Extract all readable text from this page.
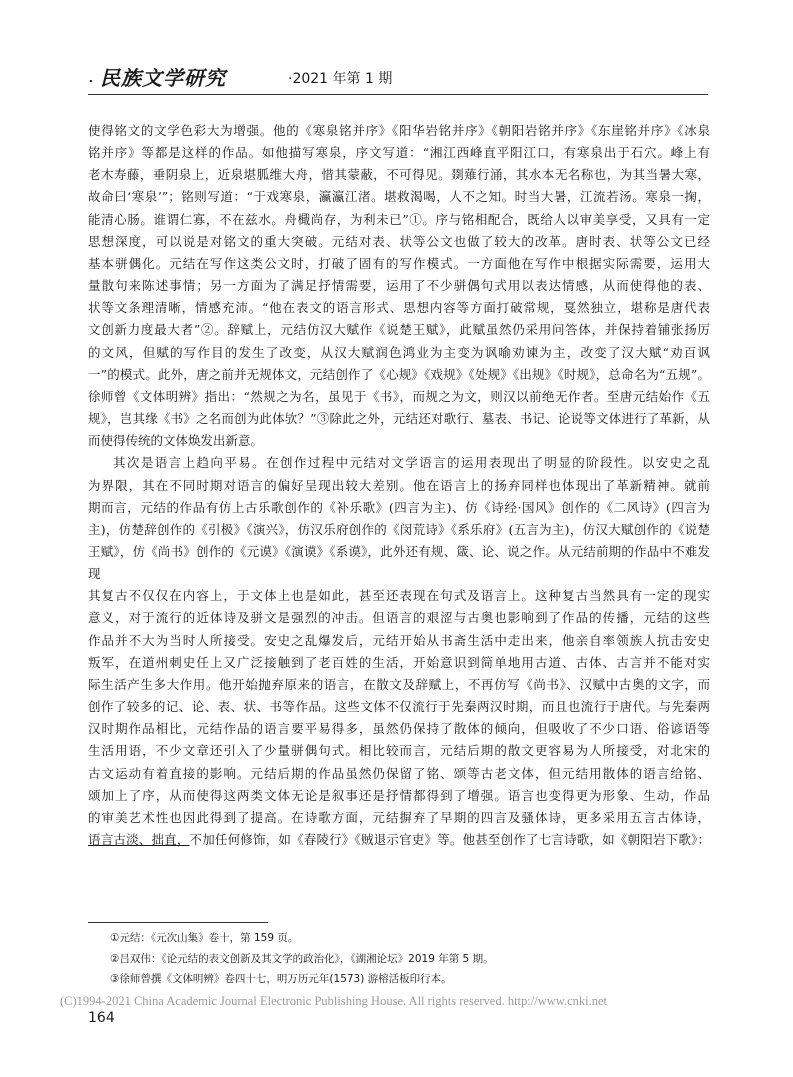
. 民族文学研究	·2021 年第 1 期

使得铭文的文学色彩大为增强。他的《寒泉铭并序》《阳华岩铭并序》《朝阳岩铭并序》《东崖铭并序》《冰泉

铭并序》等都是这样的作品。如他描写寒泉，序文写道：“湘江西峰直平阳江口，有寒泉出于石穴。峰上有

老木寿藤，垂阴泉上，近泉堪胍维大舟，惜其蒙蔽，不可得见。剟薙行涌，其水本无名称也，为其当暑大寒，

故命曰‘寒泉’”；铭则写道：“于戏寒泉，瀛瀛江渚。堪救渴喝，人不之知。时当大暑，江流若汤。寒泉一掬，

能清心肠。谁谓仁寡，不在兹水。舟檝尚存，为利未已”①。序与铭相配合，既给人以审美享受，又具有一定

思想深度，可以说是对铭文的重大突破。元结对表、状等公文也做了较大的改革。唐时表、状等公文已经

基本骈偶化。元结在写作这类公文时，打破了固有的写作模式。一方面他在写作中根据实际需要，运用大

量散句来陈述事情；另一方面为了满足抒情需要，运用了不少骈偶句式用以表达情感，从而使得他的表、

状等文条理清晰，情感充沛。“他在表文的语言形式、思想内容等方面打破常规，戛然独立，堪称是唐代表

文创新力度最大者”②。辞赋上，元结仿汉大赋作《说楚王赋》，此赋虽然仍采用问答体，并保持着铺张扬厉

的文风，但赋的写作目的发生了改变，从汉大赋润色鸿业为主变为讽喻劝谏为主，改变了汉大赋“劝百讽

一”的模式。此外，唐之前并无规体文，元结创作了《心规》《戏规》《处规》《出规》《时规》，总命名为“五规”。

徐师曾《文体明辨》指出：“然规之为名，虽见于《书》，而规之为文，则汉以前绝无作者。至唐元结始作《五

规》，岂其缘《书》之名而创为此体欤？”③除此之外，元结还对歌行、墓表、书记、论说等文体进行了革新，从

而使得传统的文体焕发出新意。

其次是语言上趋向平易。在创作过程中元结对文学语言的运用表现出了明显的阶段性。以安史之乱

为界限，其在不同时期对语言的偏好呈现出较大差别。他在语言上的扬弃同样也体现出了革新精神。就前

期而言，元结的作品有仿上古乐歌创作的《补乐歌》(四言为主)、仿《诗经·国风》创作的《二风诗》(四言为

主)，仿楚辞创作的《引极》《演兴》，仿汉乐府创作的《闵荒诗》《系乐府》(五言为主)，仿汉大赋创作的《说楚

王赋》，仿《尚书》创作的《元谟》《演谟》《系谟》，此外还有规、箴、论、说之作。从元结前期的作品中不难发现

其复古不仅仅在内容上，于文体上也是如此，甚至还表现在句式及语言上。这种复古当然具有一定的现实

意义，对于流行的近体诗及骈文是强烈的冲击。但语言的艰涩与古奥也影响到了作品的传播，元结的这些

作品并不大为当时人所接受。安史之乱爆发后，元结开始从书斋生活中走出来，他亲自率领族人抗击安史

叛军，在道州刺史任上又广泛接触到了老百姓的生活，开始意识到简单地用古道、古体、古言并不能对实

际生活产生多大作用。他开始抛弃原来的语言，在散文及辞赋上，不再仿写《尚书》、汉赋中古奥的文字，而

创作了较多的记、论、表、状、书等作品。这些文体不仅流行于先秦两汉时期，而且也流行于唐代。与先秦两

汉时期作品相比，元结作品的语言要平易得多，虽然仍保持了散体的倾向，但吸收了不少口语、俗谚语等

生活用语，不少文章还引入了少量骈偶句式。相比较而言，元结后期的散文更容易为人所接受，对北宋的

古文运动有着直接的影响。元结后期的作品虽然仍保留了铭、颂等古老文体，但元结用散体的语言给铭、

颂加上了序，从而使得这两类文体无论是叙事还是抒情都得到了增强。语言也变得更为形象、生动，作品

的审美艺术性也因此得到了提高。在诗歌方面，元结摒弃了早期的四言及骚体诗，更多采用五言古体诗，

语言古淡、拙直，不加任何修饰，如《春陵行》《贼退示官吏》等。他甚至创作了七言诗歌，如《朝阳岩下歌》：

①元结：《元次山集》卷十，第 159 页。
②吕双伟：《论元结的表文创新及其文学的政治化》，《湖湘论坛》2019 年第 5 期。
③徐师曾撰《文体明辨》卷四十七，明万历元年(1573) 游榕活板印行本。
(C)1994-2021 China Academic Journal Electronic Publishing House. All rights reserved. http://www.cnki.net
164
